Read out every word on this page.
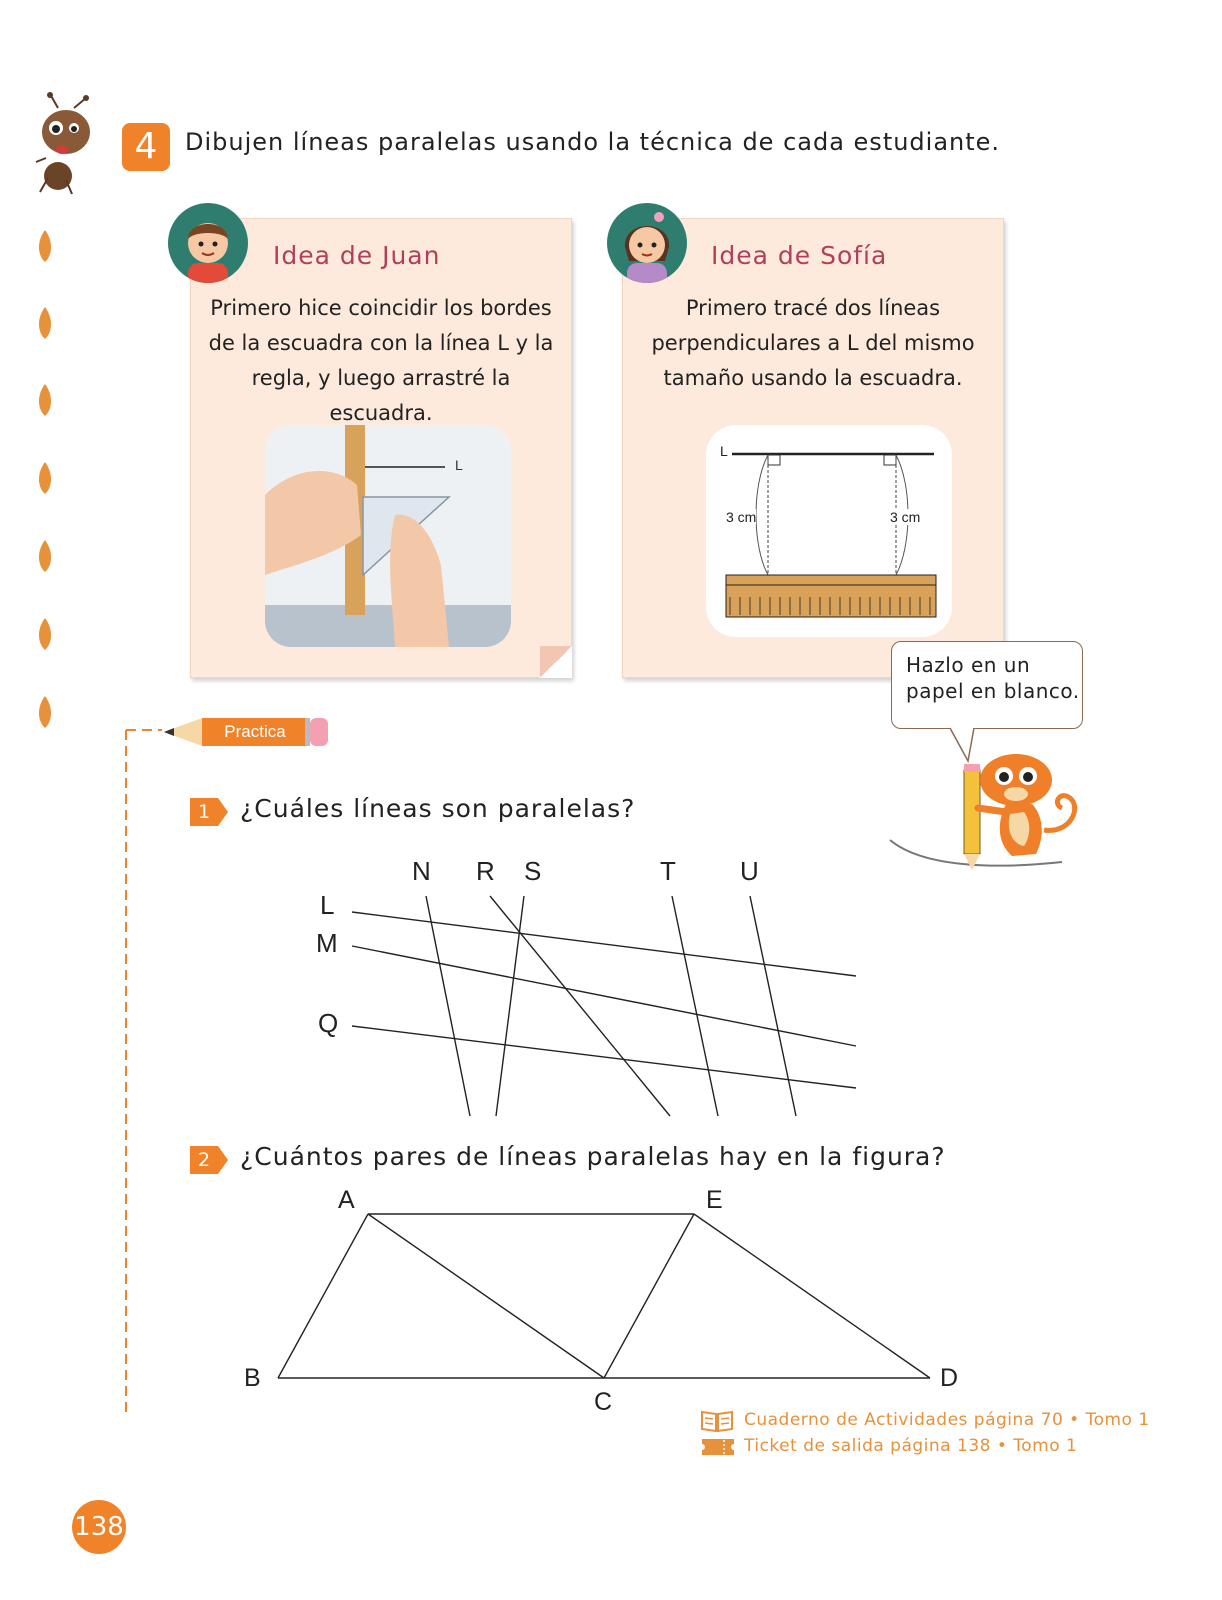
4	Dibujen líneas paralelas usando la técnica de cada estudiante.
Idea de Juan
Primero hice coincidir los bordes de la escuadra con la línea L y la regla, y luego arrastré la escuadra.
L
Idea de Sofía
Primero tracé dos líneas perpendiculares a L del mismo tamaño usando la escuadra.
L
3 cm	3 cm
Hazlo en un
papel en blanco.
Practica
1	¿Cuáles líneas son paralelas?
L
M
Q
N R S	T U
2	¿Cuántos pares de líneas paralelas hay en la figura?
A	E
B
C
D
Cuaderno de Actividades página 70 • Tomo 1
Ticket de salida página 138 • Tomo 1
138
